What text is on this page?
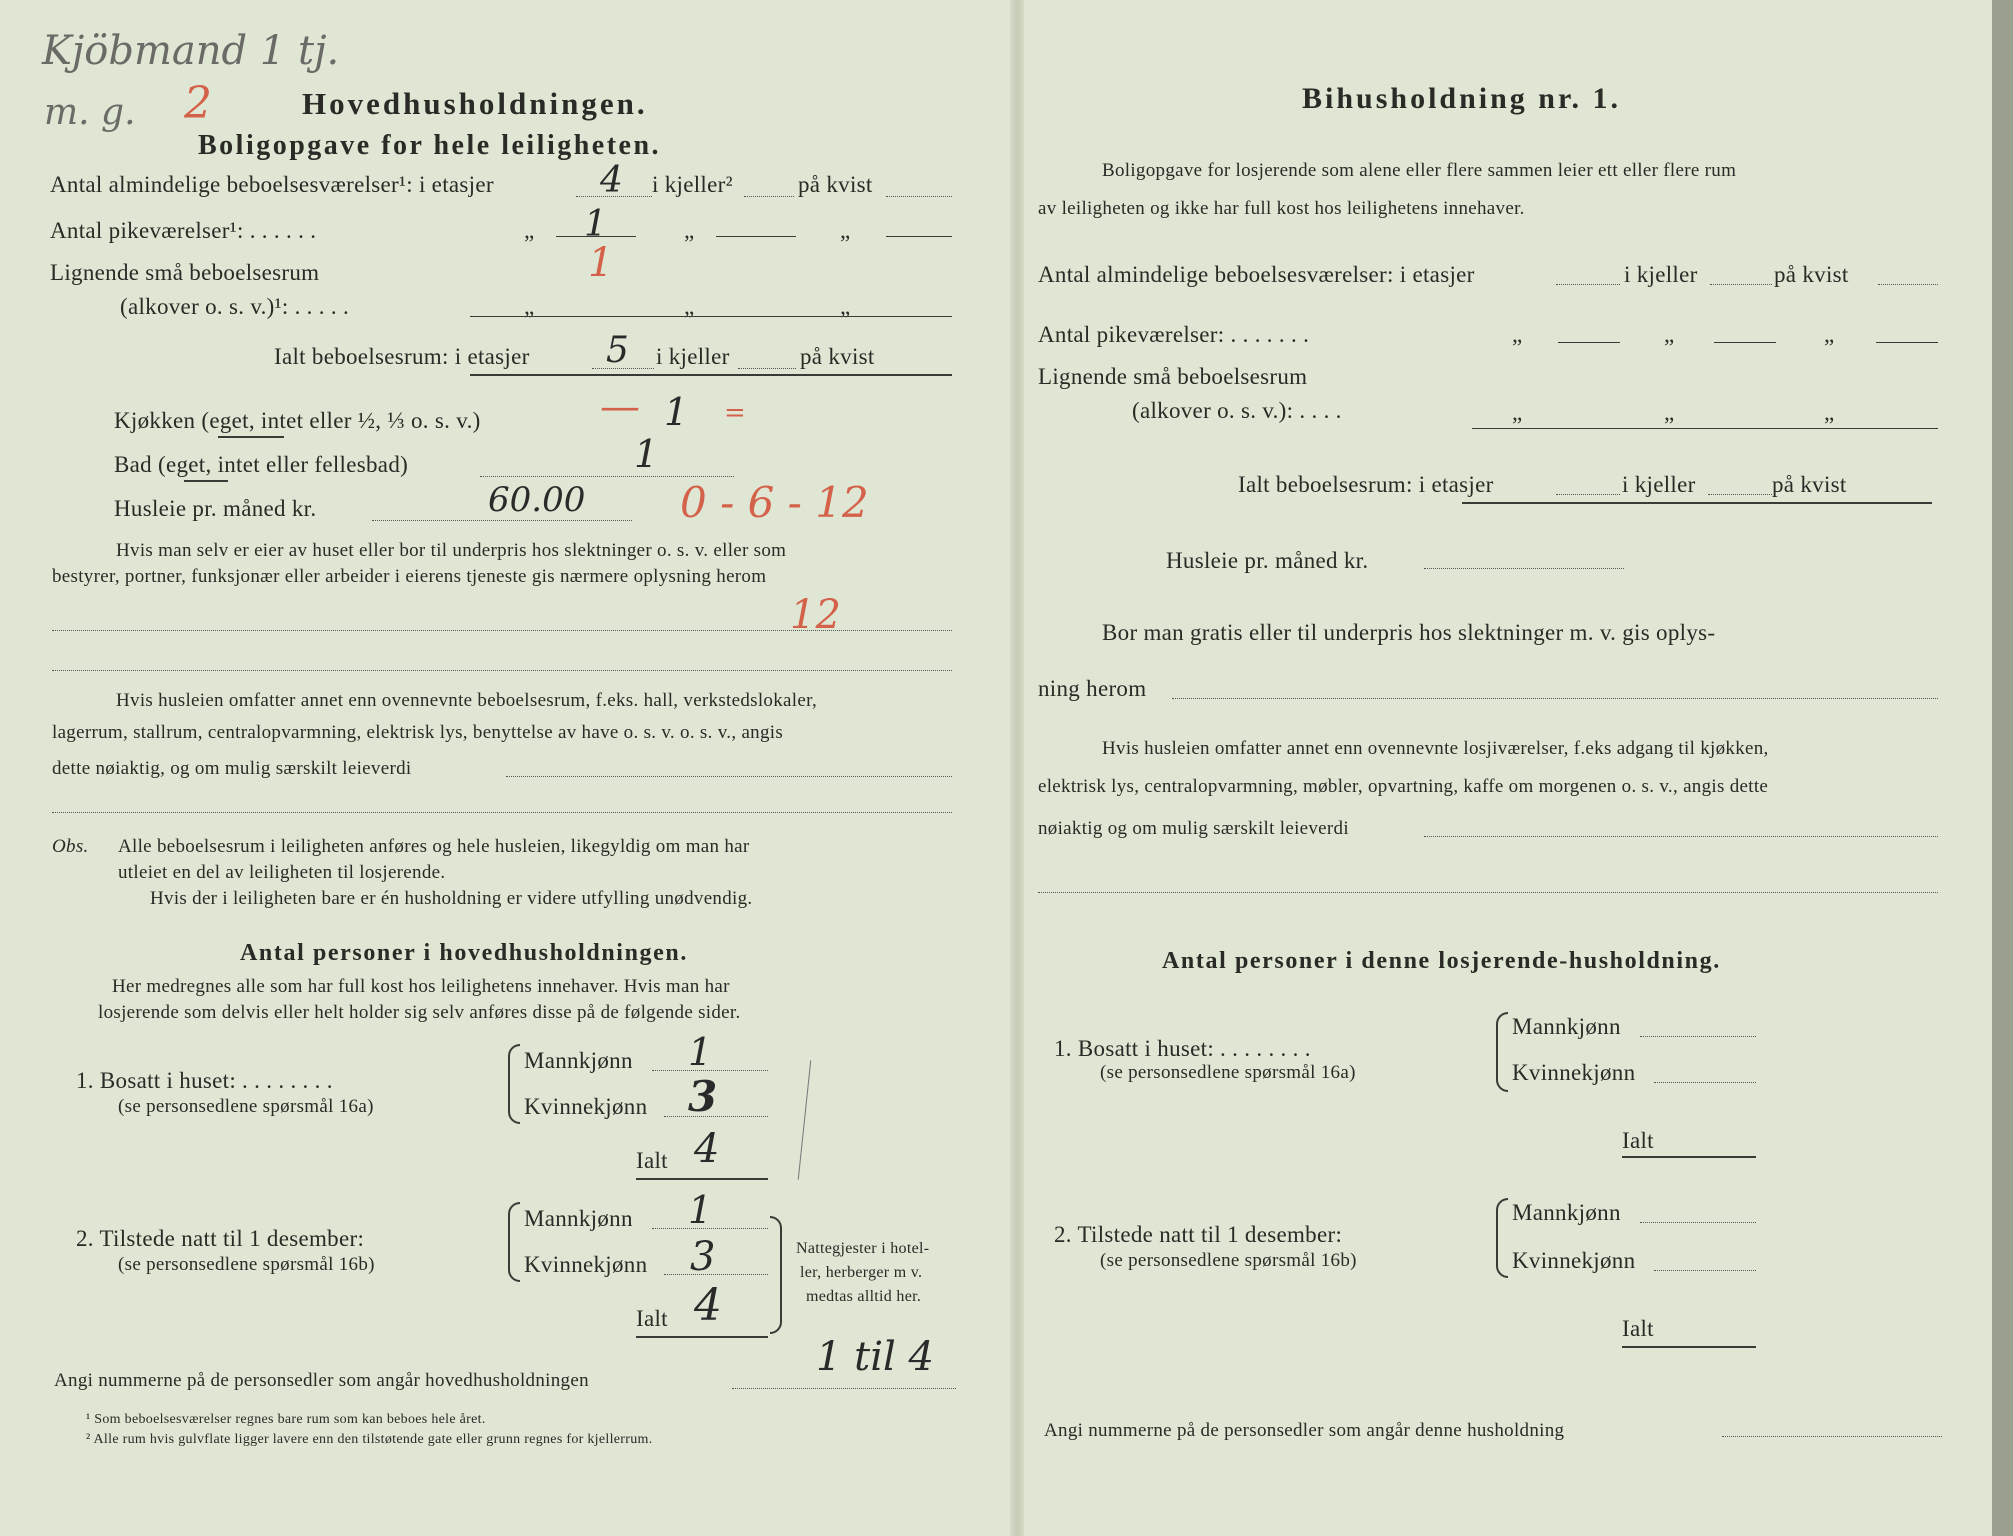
Kjöbmand 1 tj.
m. g. 2	Hovedhusholdningen.
Boligopgave for hele leiligheten.
Antal almindelige beboelsesværelser¹: i etasjer	4 i kjeller²	på kvist
Antal pikeværelser¹: . . . . . .	„ 1	„	„
Lignende små beboelsesrum	1
(alkover o. s. v.)¹: . . . . .	„	„	„
Ialt beboelsesrum: i etasjer 5 i kjeller	på kvist
Kjøkken (eget, intet eller ½, ⅓ o. s. v.)	— 1 =
Bad (eget, intet eller fellesbad)	1
Husleie pr. måned kr.	60.00 0 - 6 - 12
Hvis man selv er eier av huset eller bor til underpris hos slektninger o. s. v. eller som
bestyrer, portner, funksjonær eller arbeider i eierens tjeneste gis nærmere oplysning herom
12
Hvis husleien omfatter annet enn ovennevnte beboelsesrum, f.eks. hall, verkstedslokaler,
lagerrum, stallrum, centralopvarmning, elektrisk lys, benyttelse av have o. s. v. o. s. v., angis
dette nøiaktig, og om mulig særskilt leieverdi
Obs. Alle beboelsesrum i leiligheten anføres og hele husleien, likegyldig om man har
utleiet en del av leiligheten til losjerende.
Hvis der i leiligheten bare er én husholdning er videre utfylling unødvendig.
Antal personer i hovedhusholdningen.
Her medregnes alle som har full kost hos leilighetens innehaver. Hvis man har
losjerende som delvis eller helt holder sig selv anføres disse på de følgende sider.
1. Bosatt i huset: . . . . . . . .
(se personsedlene spørsmål 16a)
Mannkjønn 1
Kvinnekjønn 3
Ialt 4
2. Tilstede natt til 1 desember:
(se personsedlene spørsmål 16b)
Mannkjønn 1
Kvinnekjønn 3
Ialt 4
Nattegjester i hotel-
ler, herberger m v.
medtas alltid her.
Angi nummerne på de personsedler som angår hovedhusholdningen
1 til 4
¹ Som beboelsesværelser regnes bare rum som kan beboes hele året.
² Alle rum hvis gulvflate ligger lavere enn den tilstøtende gate eller grunn regnes for kjellerrum.
Bihusholdning nr. 1.
Boligopgave for losjerende som alene eller flere sammen leier ett eller flere rum
av leiligheten og ikke har full kost hos leilighetens innehaver.
Antal almindelige beboelsesværelser: i etasjer	i kjeller	på kvist
Antal pikeværelser: . . . . . . .	„	„	„
Lignende små beboelsesrum
(alkover o. s. v.): . . . .	„	„	„
Ialt beboelsesrum: i etasjer	i kjeller	på kvist
Husleie pr. måned kr.
Bor man gratis eller til underpris hos slektninger m. v. gis oplys-
ning herom
Hvis husleien omfatter annet enn ovennevnte losjiværelser, f.eks adgang til kjøkken,
elektrisk lys, centralopvarmning, møbler, opvartning, kaffe om morgenen o. s. v., angis dette
nøiaktig og om mulig særskilt leieverdi
Antal personer i denne losjerende-husholdning.
1. Bosatt i huset: . . . . . . . .
(se personsedlene spørsmål 16a)
Mannkjønn
Kvinnekjønn
Ialt
2. Tilstede natt til 1 desember:
(se personsedlene spørsmål 16b)
Mannkjønn
Kvinnekjønn
Ialt
Angi nummerne på de personsedler som angår denne husholdning
